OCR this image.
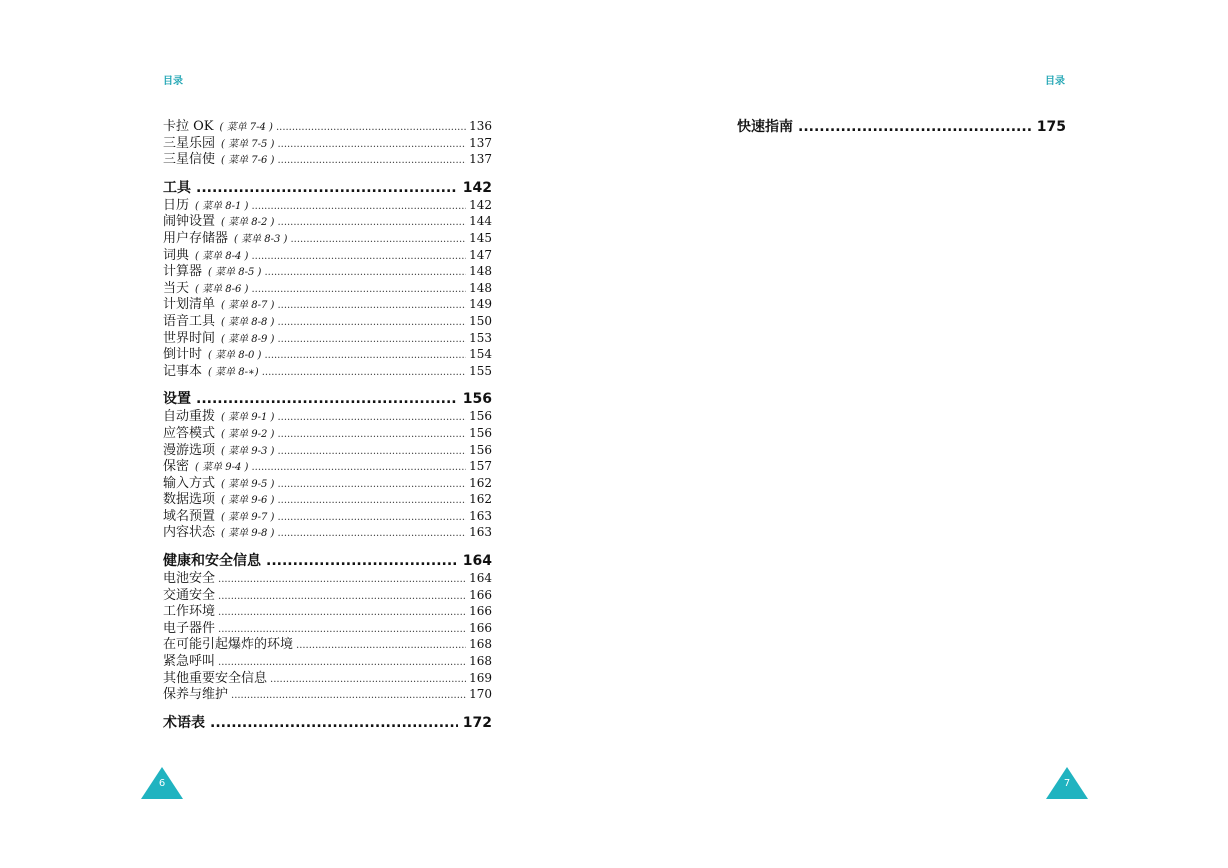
目录	目录
卡拉 OK ( 菜单 7-4 ) .....	136
三星乐园 ( 菜单 7-5 ) .....	137
三星信使 ( 菜单 7-6 ) .....	137
工具 .....	142
日历 ( 菜单 8-1 ) .....	142
闹钟设置 ( 菜单 8-2 ) .....	144
用户存储器 ( 菜单 8-3 ) .....	145
词典 ( 菜单 8-4 ) .....	147
计算器 ( 菜单 8-5 ) .....	148
当天 ( 菜单 8-6 ) .....	148
计划清单 ( 菜单 8-7 ) .....	149
语音工具 ( 菜单 8-8 ) .....	150
世界时间 ( 菜单 8-9 ) .....	153
倒计时 ( 菜单 8-0 ) .....	154
记事本 ( 菜单 8-∗) .....	155
设置 .....	156
自动重拨 ( 菜单 9-1 ) .....	156
应答模式 ( 菜单 9-2 ) .....	156
漫游选项 ( 菜单 9-3 ) .....	156
保密 ( 菜单 9-4 ) .....	157
输入方式 ( 菜单 9-5 ) .....	162
数据选项 ( 菜单 9-6 ) .....	162
域名预置 ( 菜单 9-7 ) .....	163
内容状态 ( 菜单 9-8 ) .....	163
健康和安全信息 .....	164
电池安全 .....	164
交通安全 .....	166
工作环境 .....	166
电子器件 .....	166
在可能引起爆炸的环境 .....	168
紧急呼叫 .....	168
其他重要安全信息 .....	169
保养与维护 .....	170
术语表 .....	172
快速指南 .....	175
6	7
